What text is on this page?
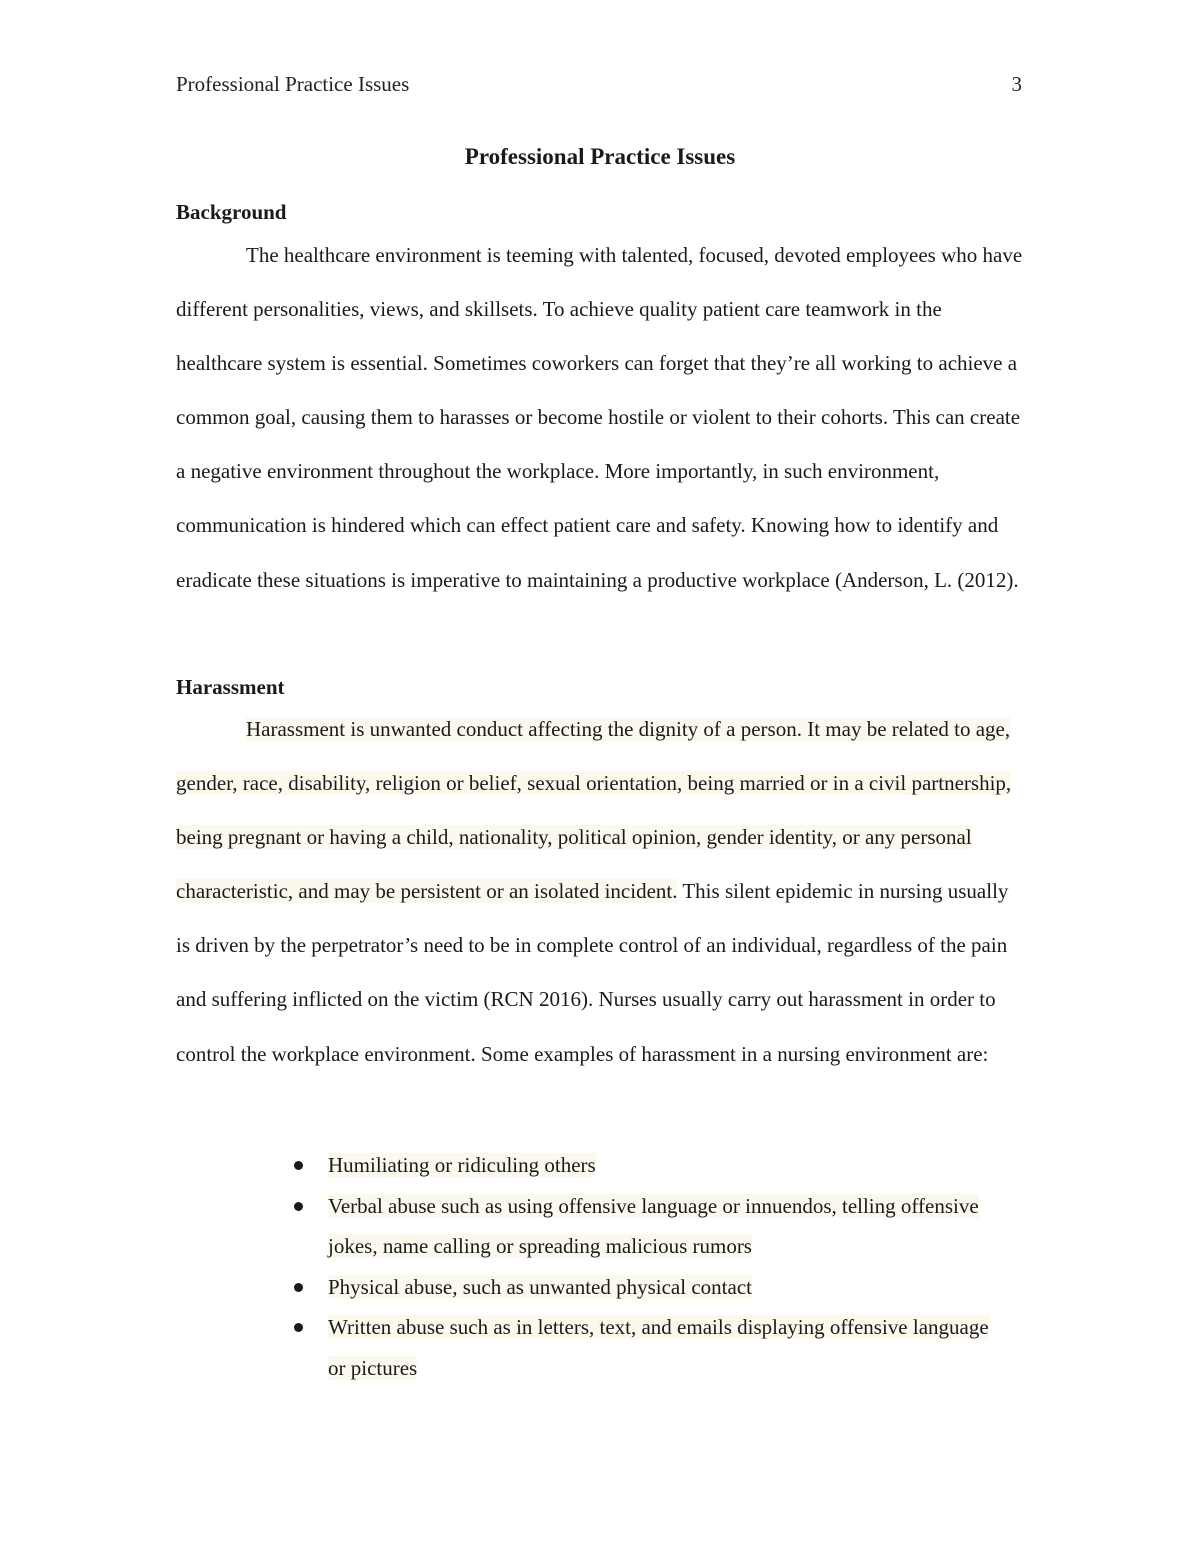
Professional Practice Issues	3
Professional Practice Issues
Background

The healthcare environment is teeming with talented, focused, devoted employees who have different personalities, views, and skillsets. To achieve quality patient care teamwork in the healthcare system is essential. Sometimes coworkers can forget that they’re all working to achieve a common goal, causing them to harasses or become hostile or violent to their cohorts. This can create a negative environment throughout the workplace. More importantly, in such environment, communication is hindered which can effect patient care and safety. Knowing how to identify and eradicate these situations is imperative to maintaining a productive workplace (Anderson, L. (2012).

Harassment

Harassment is unwanted conduct affecting the dignity of a person. It may be related to age, gender, race, disability, religion or belief, sexual orientation, being married or in a civil partnership, being pregnant or having a child, nationality, political opinion, gender identity, or any personal characteristic, and may be persistent or an isolated incident. This silent epidemic in nursing usually is driven by the perpetrator’s need to be in complete control of an individual, regardless of the pain and suffering inflicted on the victim (RCN 2016). Nurses usually carry out harassment in order to control the workplace environment. Some examples of harassment in a nursing environment are:

Humiliating or ridiculing others
Verbal abuse such as using offensive language or innuendos, telling offensive jokes, name calling or spreading malicious rumors
Physical abuse, such as unwanted physical contact
Written abuse such as in letters, text, and emails displaying offensive language or pictures
